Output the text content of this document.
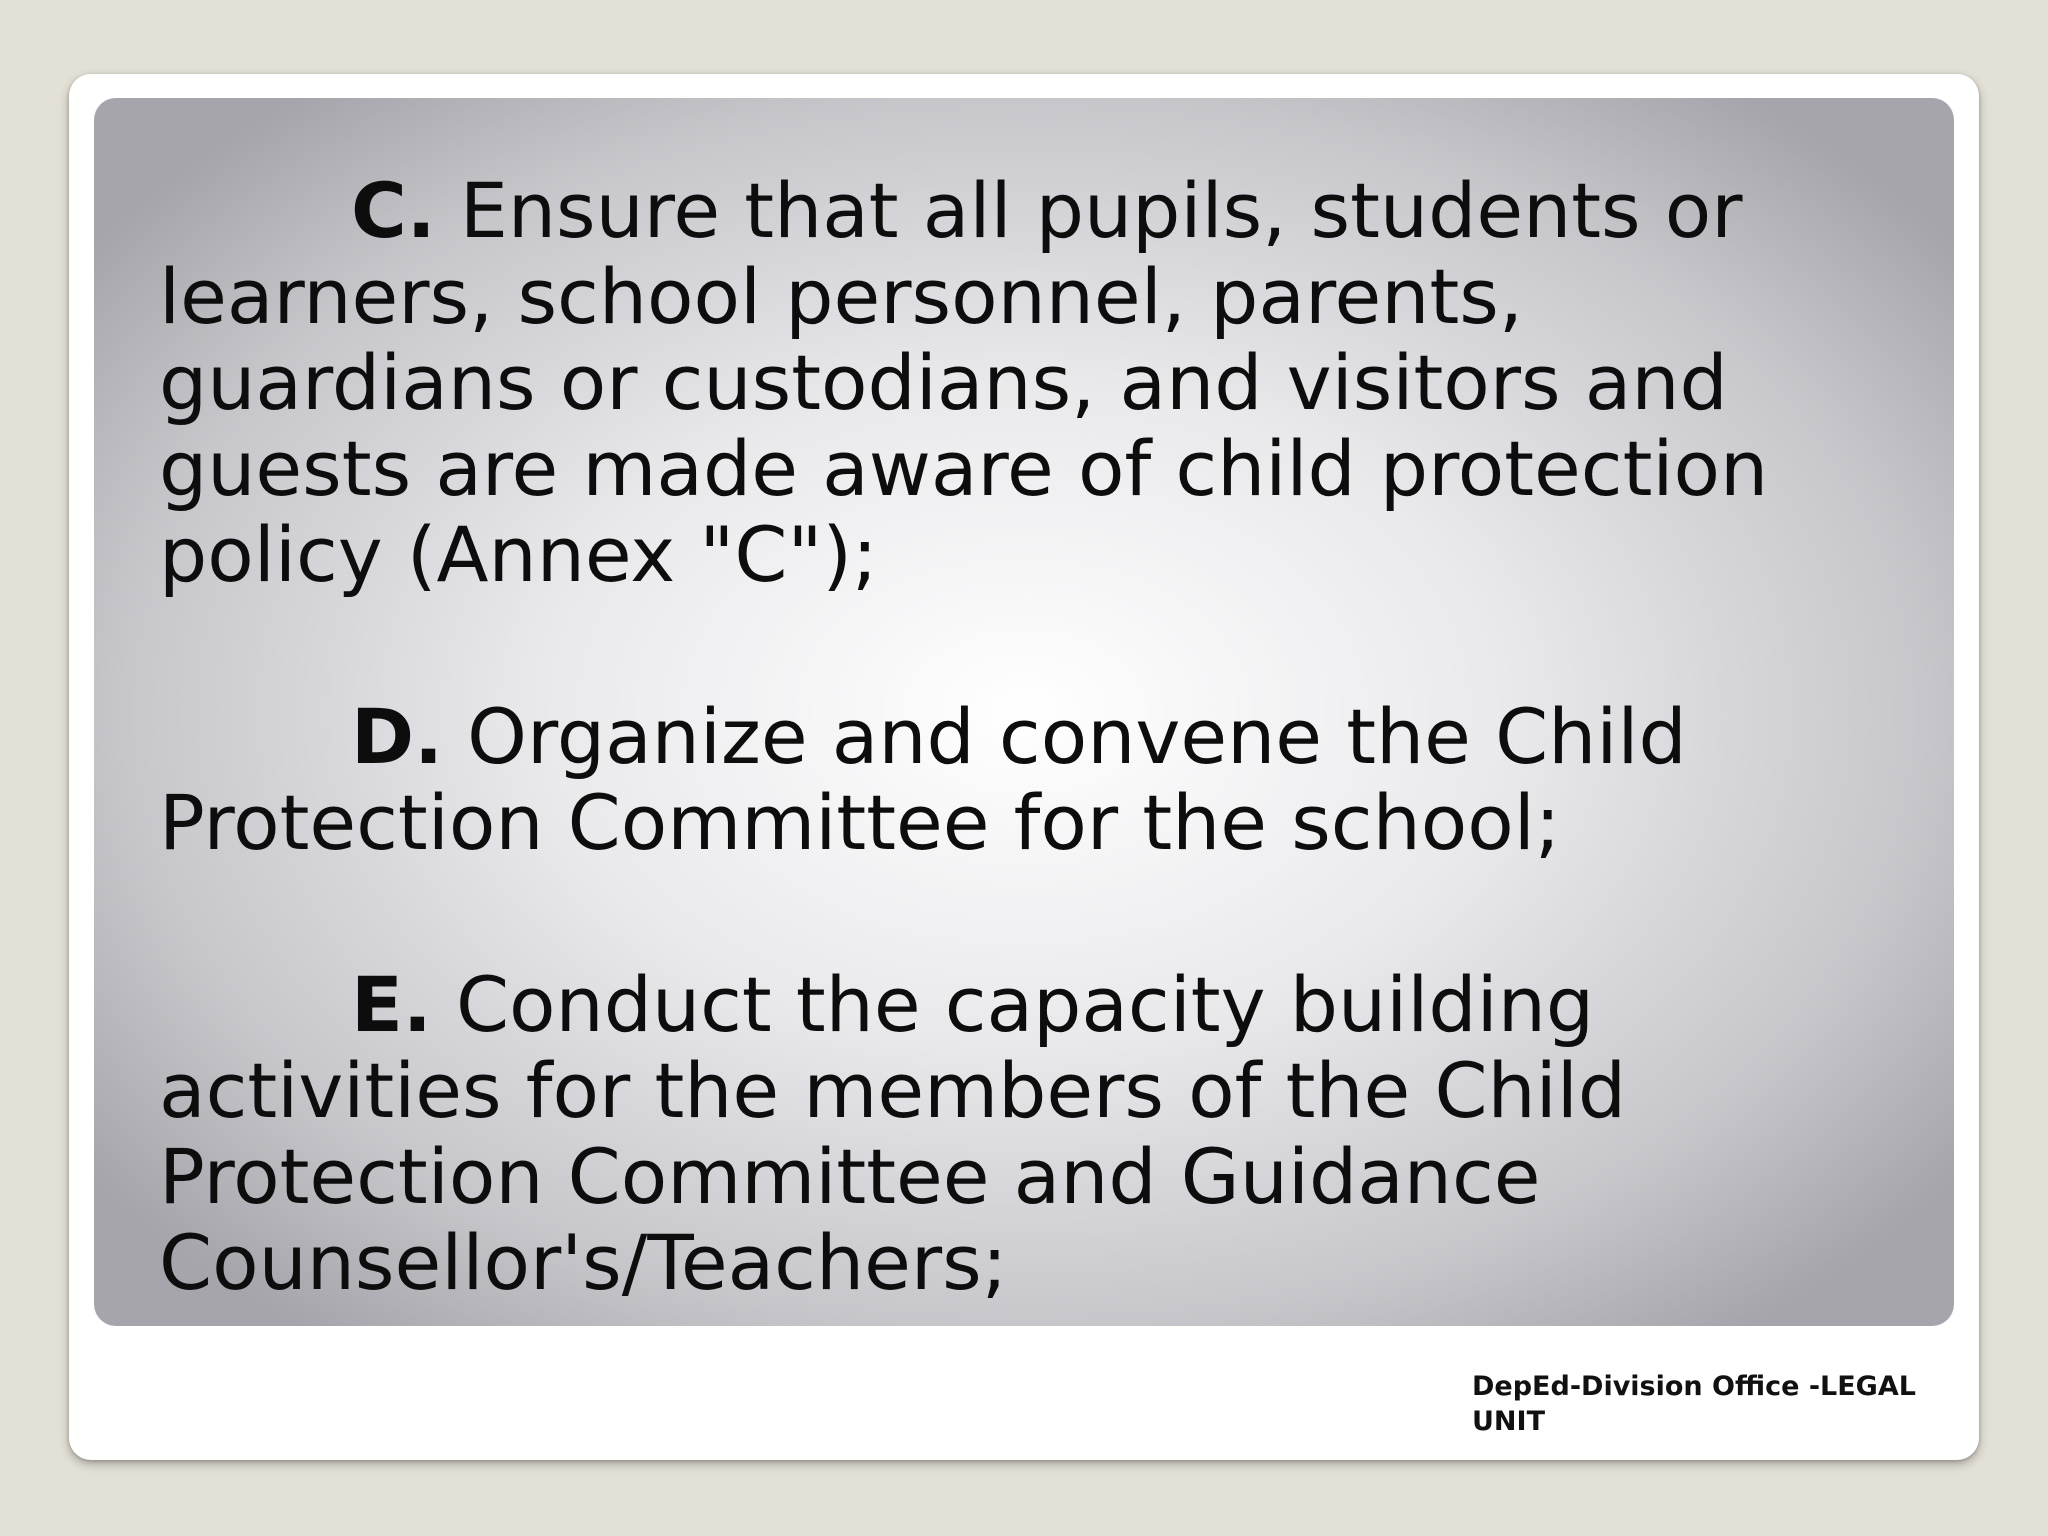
C. Ensure that all pupils, students or learners, school personnel, parents, guardians or custodians, and visitors and guests are made aware of child protection policy (Annex "C");

D. Organize and convene the Child Protection Committee for the school;

E. Conduct the capacity building activities for the members of the Child Protection Committee and Guidance Counsellor's/Teachers;

DepEd-Division Office -LEGAL UNIT
